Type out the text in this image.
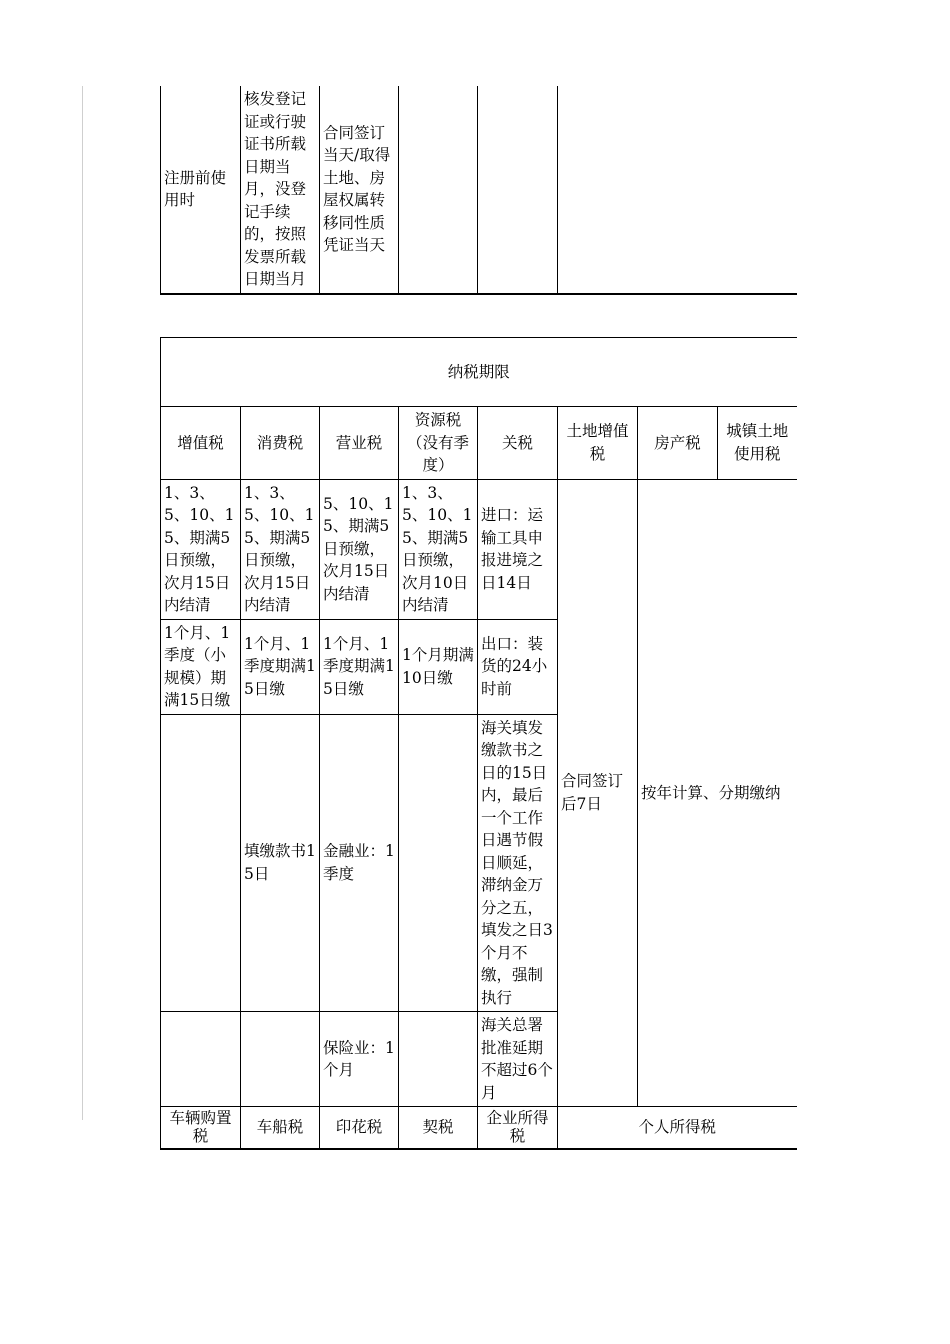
注册前使用时	核发登记证或行驶证书所载日期当月，没登记手续的，按照发票所载日期当月	合同签订当天/取得土地、房屋权属转移同性质凭证当天			
纳税期限							
增值税	消费税	营业税	资源税（没有季度）	关税	土地增值税	房产税	城镇土地使用税
1、3、5、10、15、期满5日预缴，次月15日内结清	1、3、5、10、15、期满5日预缴，次月15日内结清	5、10、15、期满5日预缴，次月15日内结清	1、3、5、10、15、期满5日预缴，次月10日内结清	进口：运输工具申报进境之日14日	合同签订后7日	按年计算、分期缴纳	
1个月、1季度（小规模）期满15日缴	1个月、1季度期满15日缴	1个月、1季度期满15日缴	1个月期满10日缴	出口：装货的24小时前			
	填缴款书15日	金融业：1季度		海关填发缴款书之日的15日内，最后一个工作日遇节假日顺延，滞纳金万分之五，填发之日3个月不缴，强制执行			
		保险业：1个月		海关总署批准延期不超过6个月			
车辆购置税	车船税	印花税	契税	企业所得税	个人所得税		
